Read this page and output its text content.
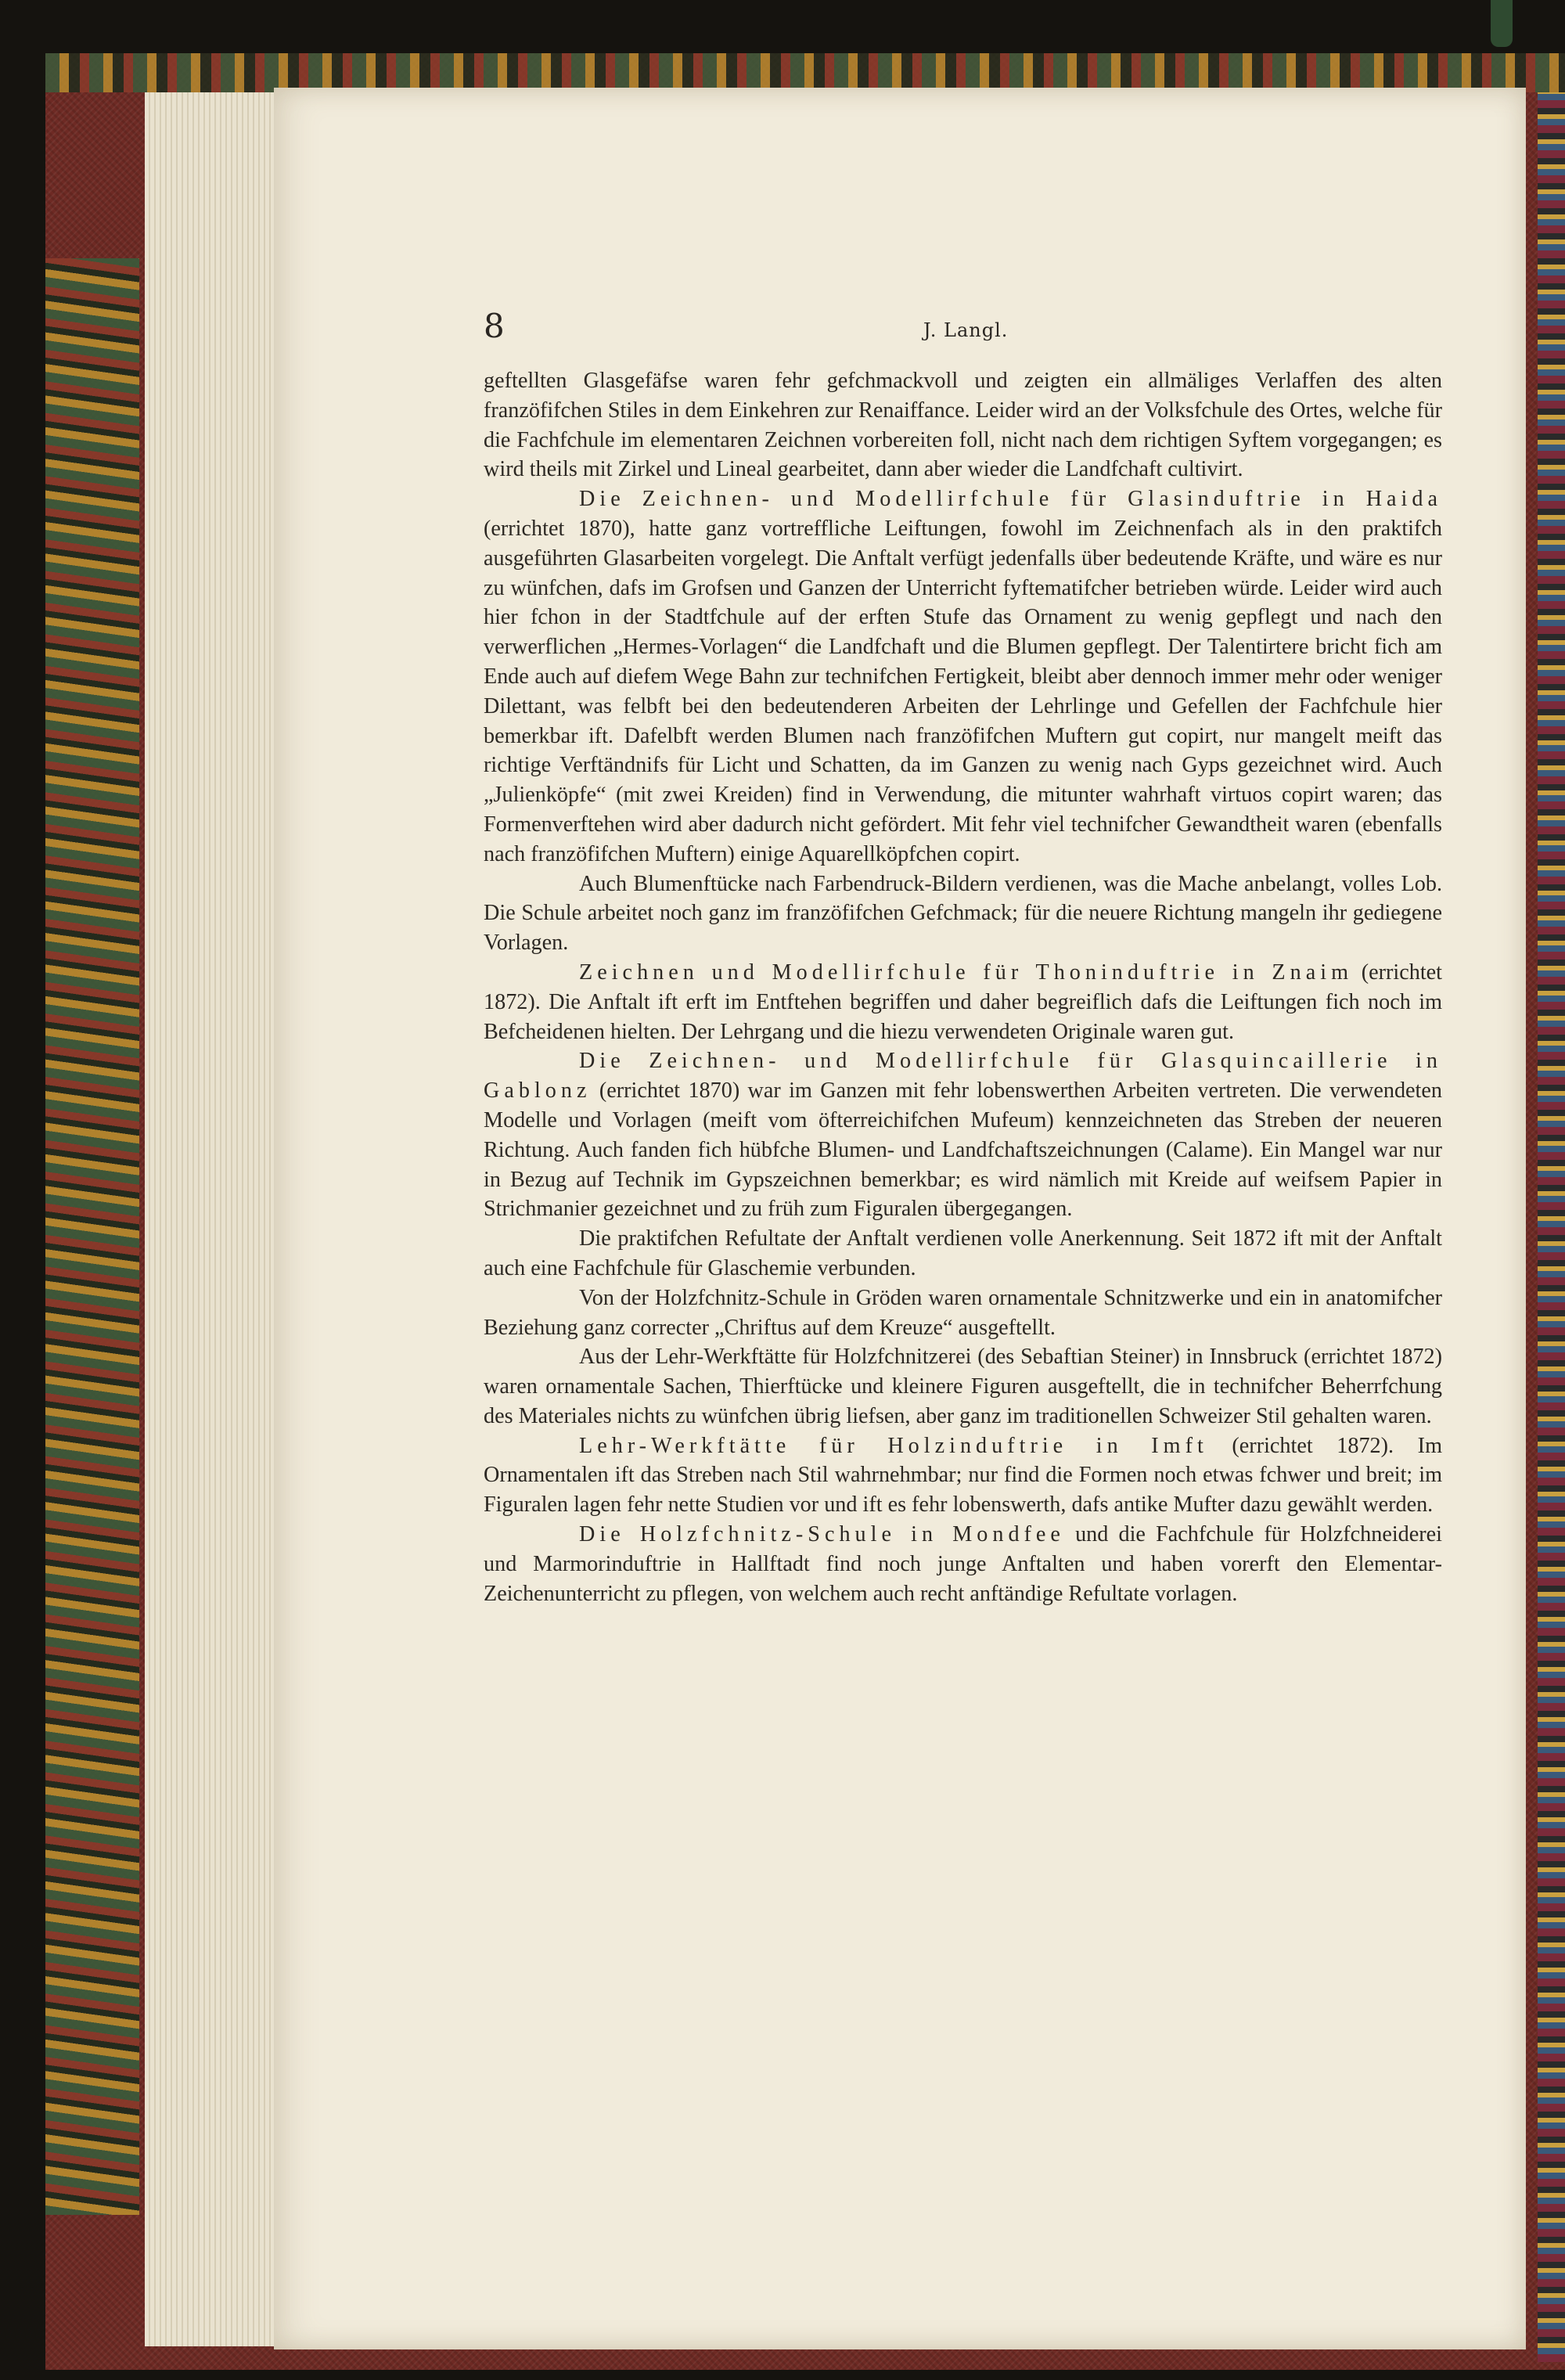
8	J. Langl.

geftellten Glasgefäfse waren fehr gefchmackvoll und zeigten ein allmäliges Verlaffen des alten franzöfifchen Stiles in dem Einkehren zur Renaiffance. Leider wird an der Volksfchule des Ortes, welche für die Fachfchule im elementaren Zeichnen vorbereiten foll, nicht nach dem richtigen Syftem vorgegangen; es wird theils mit Zirkel und Lineal gearbeitet, dann aber wieder die Landfchaft cultivirt.

Die Zeichnen- und Modellirfchule für Glasinduftrie in Haida (errichtet 1870), hatte ganz vortreffliche Leiftungen, fowohl im Zeichnenfach als in den praktifch ausgeführten Glasarbeiten vorgelegt. Die Anftalt verfügt jedenfalls über bedeutende Kräfte, und wäre es nur zu wünfchen, dafs im Grofsen und Ganzen der Unterricht fyftematifcher betrieben würde. Leider wird auch hier fchon in der Stadtfchule auf der erften Stufe das Ornament zu wenig gepflegt und nach den verwerflichen „Hermes-Vorlagen“ die Landfchaft und die Blumen gepflegt. Der Talentirtere bricht fich am Ende auch auf diefem Wege Bahn zur technifchen Fertigkeit, bleibt aber dennoch immer mehr oder weniger Dilettant, was felbft bei den bedeutenderen Arbeiten der Lehrlinge und Gefellen der Fachfchule hier bemerkbar ift. Dafelbft werden Blumen nach franzöfifchen Muftern gut copirt, nur mangelt meift das richtige Verftändnifs für Licht und Schatten, da im Ganzen zu wenig nach Gyps gezeichnet wird. Auch „Julienköpfe“ (mit zwei Kreiden) find in Verwendung, die mitunter wahrhaft virtuos copirt waren; das Formenverftehen wird aber dadurch nicht gefördert. Mit fehr viel technifcher Gewandtheit waren (ebenfalls nach franzöfifchen Muftern) einige Aquarellköpfchen copirt.

Auch Blumenftücke nach Farbendruck-Bildern verdienen, was die Mache anbelangt, volles Lob. Die Schule arbeitet noch ganz im franzöfifchen Gefchmack; für die neuere Richtung mangeln ihr gediegene Vorlagen.

Zeichnen und Modellirfchule für Thoninduftrie in Znaim (errichtet 1872). Die Anftalt ift erft im Entftehen begriffen und daher begreiflich dafs die Leiftungen fich noch im Befcheidenen hielten. Der Lehrgang und die hiezu verwendeten Originale waren gut.

Die Zeichnen- und Modellirfchule für Glasquincaillerie in Gablonz (errichtet 1870) war im Ganzen mit fehr lobenswerthen Arbeiten vertreten. Die verwendeten Modelle und Vorlagen (meift vom öfterreichifchen Mufeum) kennzeichneten das Streben der neueren Richtung. Auch fanden fich hübfche Blumen- und Landfchaftszeichnungen (Calame). Ein Mangel war nur in Bezug auf Technik im Gypszeichnen bemerkbar; es wird nämlich mit Kreide auf weifsem Papier in Strichmanier gezeichnet und zu früh zum Figuralen übergegangen.

Die praktifchen Refultate der Anftalt verdienen volle Anerkennung. Seit 1872 ift mit der Anftalt auch eine Fachfchule für Glaschemie verbunden.

Von der Holzfchnitz-Schule in Gröden waren ornamentale Schnitzwerke und ein in anatomifcher Beziehung ganz correcter „Chriftus auf dem Kreuze“ ausgeftellt.

Aus der Lehr-Werkftätte für Holzfchnitzerei (des Sebaftian Steiner) in Innsbruck (errichtet 1872) waren ornamentale Sachen, Thierftücke und kleinere Figuren ausgeftellt, die in technifcher Beherrfchung des Materiales nichts zu wünfchen übrig liefsen, aber ganz im traditionellen Schweizer Stil gehalten waren.

Lehr-Werkftätte für Holzinduftrie in Imft (errichtet 1872). Im Ornamentalen ift das Streben nach Stil wahrnehmbar; nur find die Formen noch etwas fchwer und breit; im Figuralen lagen fehr nette Studien vor und ift es fehr lobenswerth, dafs antike Mufter dazu gewählt werden.

Die Holzfchnitz-Schule in Mondfee und die Fachfchule für Holzfchneiderei und Marmorinduftrie in Hallftadt find noch junge Anftalten und haben vorerft den Elementar-Zeichenunterricht zu pflegen, von welchem auch recht anftändige Refultate vorlagen.
